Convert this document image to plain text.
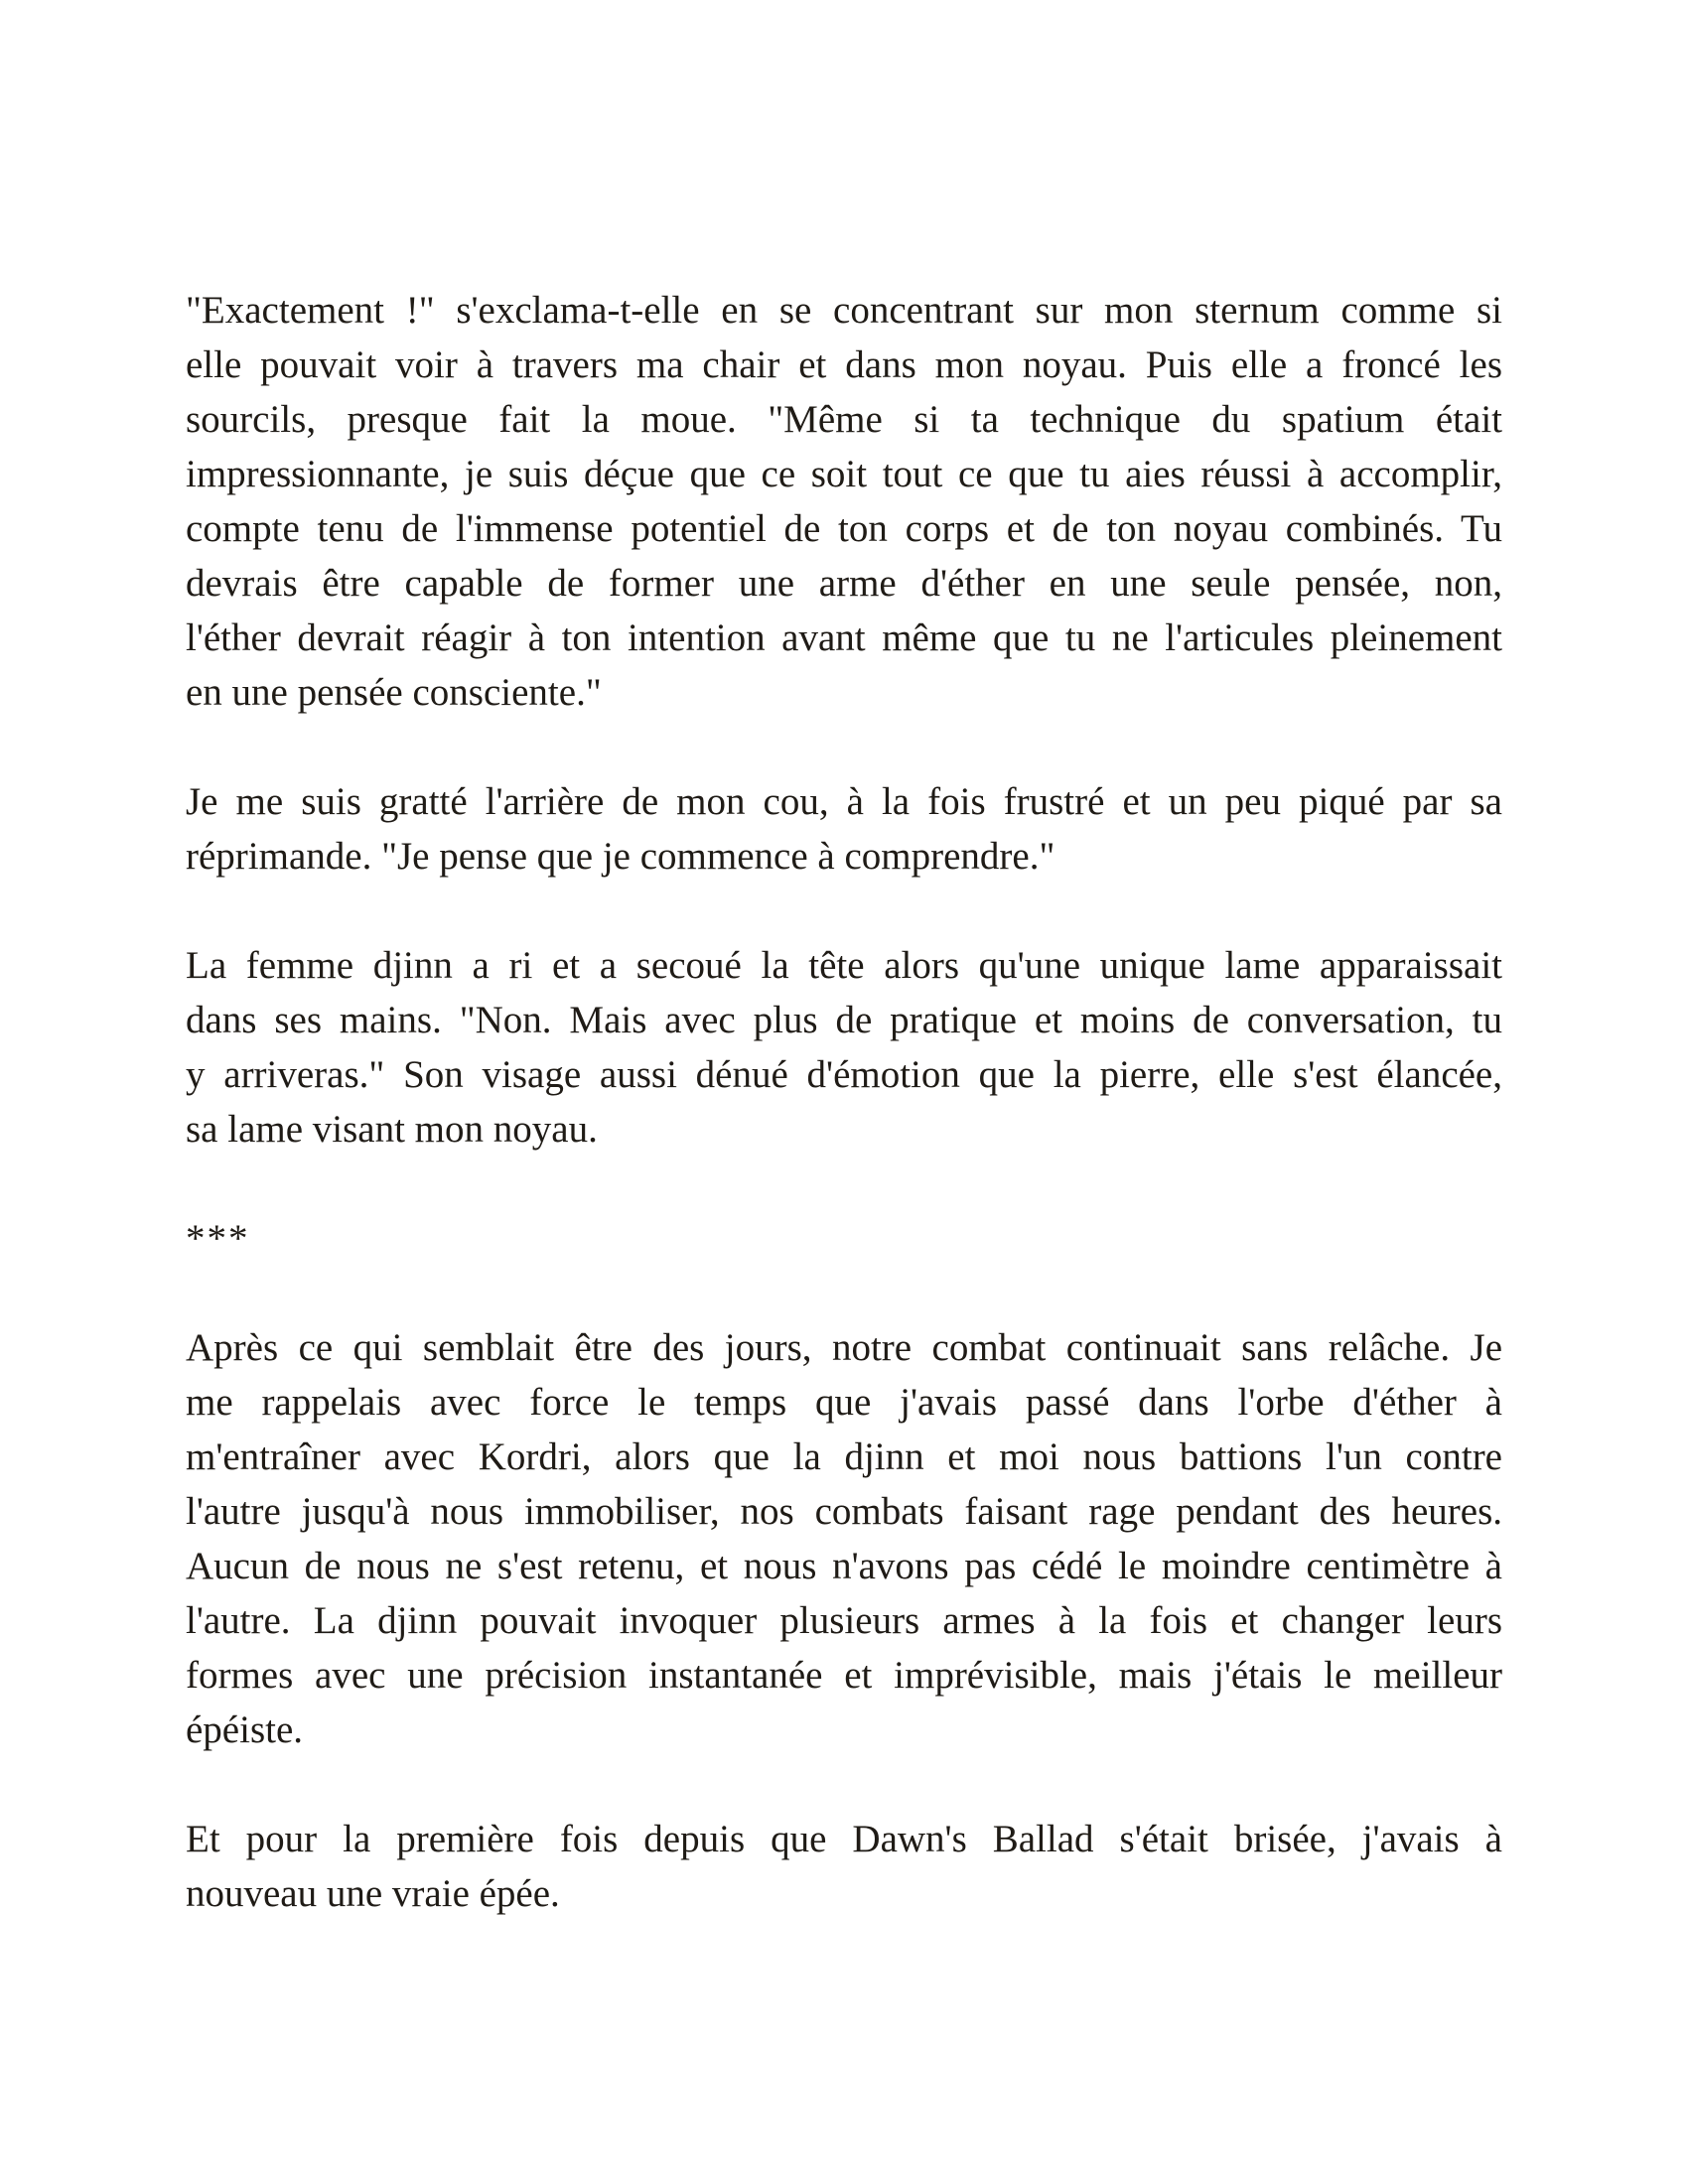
"Exactement !" s'exclama-t-elle en se concentrant sur mon sternum comme si
elle pouvait voir à travers ma chair et dans mon noyau. Puis elle a froncé les
sourcils, presque fait la moue. "Même si ta technique du spatium était
impressionnante, je suis déçue que ce soit tout ce que tu aies réussi à accomplir,
compte tenu de l'immense potentiel de ton corps et de ton noyau combinés. Tu
devrais être capable de former une arme d'éther en une seule pensée, non,
l'éther devrait réagir à ton intention avant même que tu ne l'articules pleinement
en une pensée consciente."
Je me suis gratté l'arrière de mon cou, à la fois frustré et un peu piqué par sa
réprimande. "Je pense que je commence à comprendre."
La femme djinn a ri et a secoué la tête alors qu'une unique lame apparaissait
dans ses mains. "Non. Mais avec plus de pratique et moins de conversation, tu
y arriveras." Son visage aussi dénué d'émotion que la pierre, elle s'est élancée,
sa lame visant mon noyau.
***
Après ce qui semblait être des jours, notre combat continuait sans relâche. Je
me rappelais avec force le temps que j'avais passé dans l'orbe d'éther à
m'entraîner avec Kordri, alors que la djinn et moi nous battions l'un contre
l'autre jusqu'à nous immobiliser, nos combats faisant rage pendant des heures.
Aucun de nous ne s'est retenu, et nous n'avons pas cédé le moindre centimètre à
l'autre. La djinn pouvait invoquer plusieurs armes à la fois et changer leurs
formes avec une précision instantanée et imprévisible, mais j'étais le meilleur
épéiste.
Et pour la première fois depuis que Dawn's Ballad s'était brisée, j'avais à
nouveau une vraie épée.
